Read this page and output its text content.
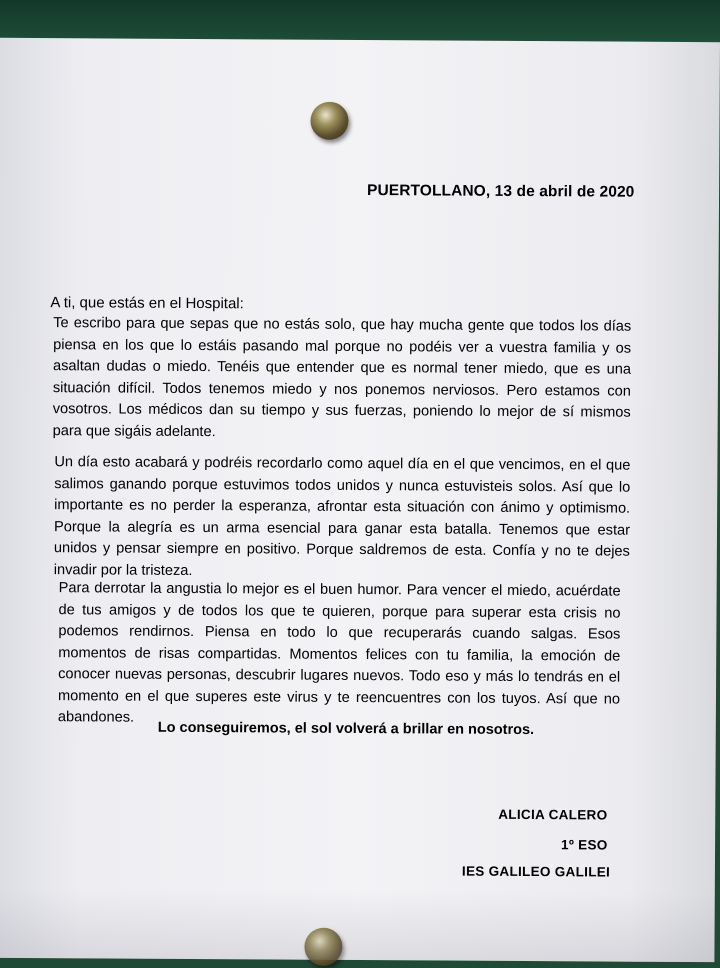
PUERTOLLANO, 13 de abril de 2020
A ti, que estás en el Hospital:

Te escribo para que sepas que no estás solo, que hay mucha gente que todos los días piensa en los que lo estáis pasando mal porque no podéis ver a vuestra familia y os asaltan dudas o miedo. Tenéis que entender que es normal tener miedo, que es una situación difícil. Todos tenemos miedo y nos ponemos nerviosos. Pero estamos con vosotros. Los médicos dan su tiempo y sus fuerzas, poniendo lo mejor de sí mismos para que sigáis adelante.

Un día esto acabará y podréis recordarlo como aquel día en el que vencimos, en el que salimos ganando porque estuvimos todos unidos y nunca estuvisteis solos. Así que lo importante es no perder la esperanza, afrontar esta situación con ánimo y optimismo. Porque la alegría es un arma esencial para ganar esta batalla. Tenemos que estar unidos y pensar siempre en positivo. Porque saldremos de esta. Confía y no te dejes invadir por la tristeza.

Para derrotar la angustia lo mejor es el buen humor. Para vencer el miedo, acuérdate de tus amigos y de todos los que te quieren, porque para superar esta crisis no podemos rendirnos. Piensa en todo lo que recuperarás cuando salgas. Esos momentos de risas compartidas. Momentos felices con tu familia, la emoción de conocer nuevas personas, descubrir lugares nuevos. Todo eso y más lo tendrás en el momento en el que superes este virus y te reencuentres con los tuyos. Así que no abandones.

Lo conseguiremos, el sol volverá a brillar en nosotros.
ALICIA CALERO
1º ESO
IES GALILEO GALILEI
